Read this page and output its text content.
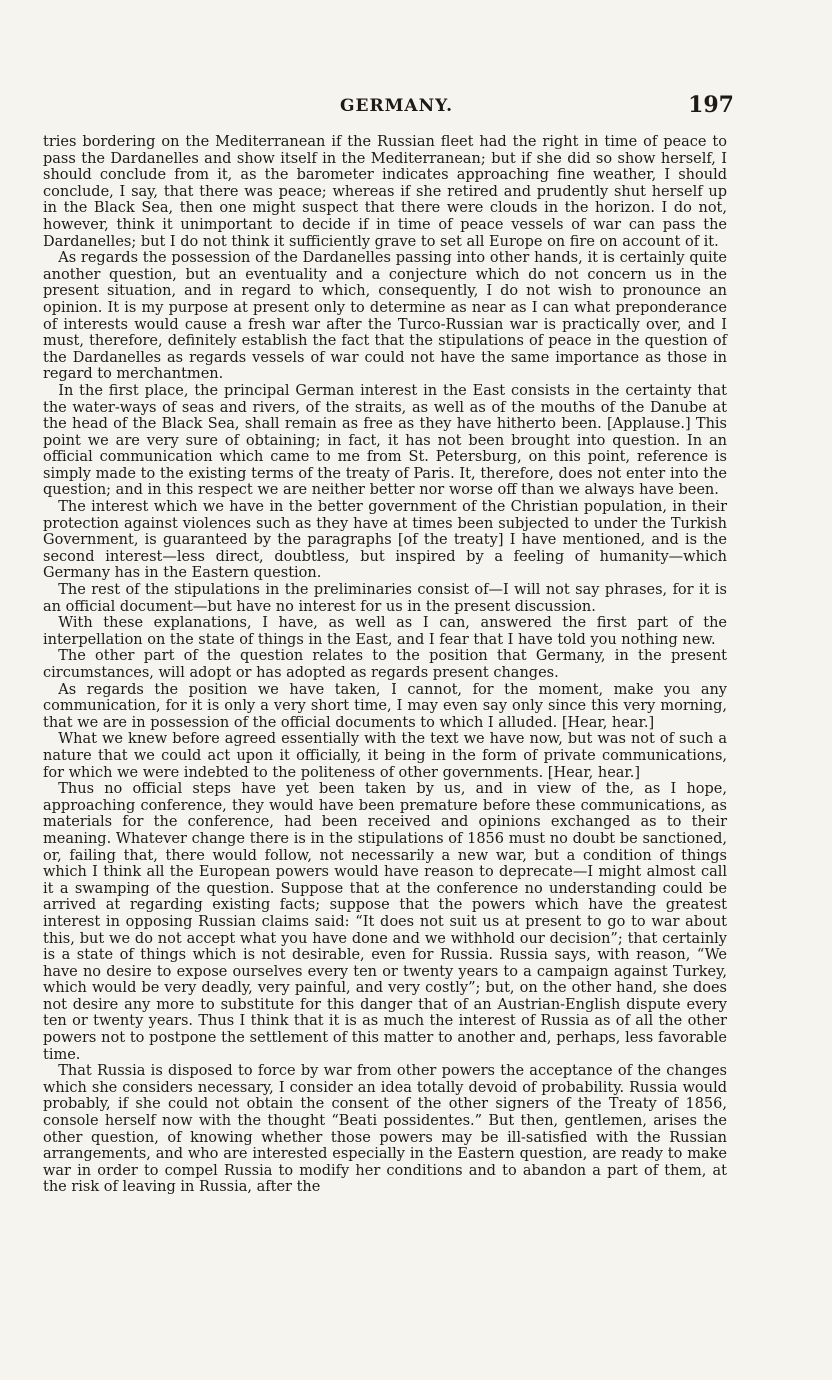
GERMANY.	197

tries bordering on the Mediterranean if the Russian fleet had the right in time of peace to pass the Dardanelles and show itself in the Mediterranean; but if she did so show herself, I should conclude from it, as the barometer indicates approaching fine weather, I should conclude, I say, that there was peace; whereas if she retired and prudently shut herself up in the Black Sea, then one might suspect that there were clouds in the horizon. I do not, however, think it unimportant to decide if in time of peace vessels of war can pass the Dardanelles; but I do not think it sufficiently grave to set all Europe on fire on account of it.

As regards the possession of the Dardanelles passing into other hands, it is certainly quite another question, but an eventuality and a conjecture which do not concern us in the present situation, and in regard to which, consequently, I do not wish to pronounce an opinion. It is my purpose at present only to determine as near as I can what preponderance of interests would cause a fresh war after the Turco-Russian war is practically over, and I must, therefore, definitely establish the fact that the stipulations of peace in the question of the Dardanelles as regards vessels of war could not have the same importance as those in regard to merchantmen.

In the first place, the principal German interest in the East consists in the certainty that the water-ways of seas and rivers, of the straits, as well as of the mouths of the Danube at the head of the Black Sea, shall remain as free as they have hitherto been. [Applause.] This point we are very sure of obtaining; in fact, it has not been brought into question. In an official communication which came to me from St. Petersburg, on this point, reference is simply made to the existing terms of the treaty of Paris. It, therefore, does not enter into the question; and in this respect we are neither better nor worse off than we always have been.

The interest which we have in the better government of the Christian population, in their protection against violences such as they have at times been subjected to under the Turkish Government, is guaranteed by the paragraphs [of the treaty] I have mentioned, and is the second interest—less direct, doubtless, but inspired by a feeling of humanity—which Germany has in the Eastern question.

The rest of the stipulations in the preliminaries consist of—I will not say phrases, for it is an official document—but have no interest for us in the present discussion.

With these explanations, I have, as well as I can, answered the first part of the interpellation on the state of things in the East, and I fear that I have told you nothing new.

The other part of the question relates to the position that Germany, in the present circumstances, will adopt or has adopted as regards present changes.

As regards the position we have taken, I cannot, for the moment, make you any communication, for it is only a very short time, I may even say only since this very morning, that we are in possession of the official documents to which I alluded. [Hear, hear.]

What we knew before agreed essentially with the text we have now, but was not of such a nature that we could act upon it officially, it being in the form of private communications, for which we were indebted to the politeness of other governments. [Hear, hear.]

Thus no official steps have yet been taken by us, and in view of the, as I hope, approaching conference, they would have been premature before these communications, as materials for the conference, had been received and opinions exchanged as to their meaning. Whatever change there is in the stipulations of 1856 must no doubt be sanctioned, or, failing that, there would follow, not necessarily a new war, but a condition of things which I think all the European powers would have reason to deprecate—I might almost call it a swamping of the question. Suppose that at the conference no understanding could be arrived at regarding existing facts; suppose that the powers which have the greatest interest in opposing Russian claims said: “It does not suit us at present to go to war about this, but we do not accept what you have done and we withhold our decision”; that certainly is a state of things which is not desirable, even for Russia. Russia says, with reason, “We have no desire to expose ourselves every ten or twenty years to a campaign against Turkey, which would be very deadly, very painful, and very costly”; but, on the other hand, she does not desire any more to substitute for this danger that of an Austrian-English dispute every ten or twenty years. Thus I think that it is as much the interest of Russia as of all the other powers not to postpone the settlement of this matter to another and, perhaps, less favorable time.

That Russia is disposed to force by war from other powers the acceptance of the changes which she considers necessary, I consider an idea totally devoid of probability. Russia would probably, if she could not obtain the consent of the other signers of the Treaty of 1856, console herself now with the thought “Beati possidentes.” But then, gentlemen, arises the other question, of knowing whether those powers may be ill-satisfied with the Russian arrangements, and who are interested especially in the Eastern question, are ready to make war in order to compel Russia to modify her conditions and to abandon a part of them, at the risk of leaving in Russia, after the
